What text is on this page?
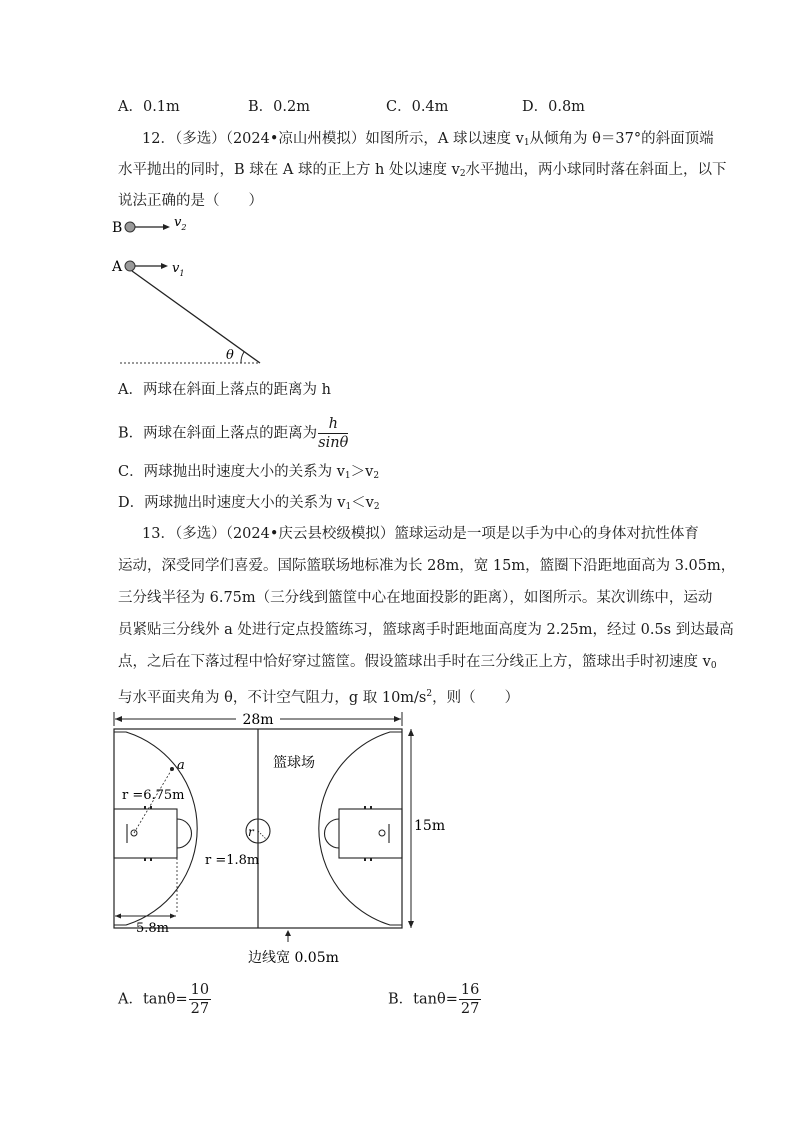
A．0.1m	B．0.2m	C．0.4m	D．0.8m
12．（多选）（2024•凉山州模拟）如图所示，A 球以速度 $v_1$从倾角为 θ＝37°的斜面顶端
水平抛出的同时，B 球在 A 球的正上方 h 处以速度 $v_2$水平抛出，两小球同时落在斜面上，以下
说法正确的是（　　）
B	$v_2$
A	$v_1$
θ
A．两球在斜面上落点的距离为 h
B．两球在斜面上落点的距离为 $\frac{h}{\sin\theta}$
C．两球抛出时速度大小的关系为 $v_1>v_2$
D．两球抛出时速度大小的关系为 $v_1<v_2$
13．（多选）（2024•庆云县校级模拟）篮球运动是一项是以手为中心的身体对抗性体育
运动，深受同学们喜爱。国际篮联场地标准为长 28m，宽 15m，篮圈下沿距地面高为 3.05m，
三分线半径为 6.75m（三分线到篮筐中心在地面投影的距离），如图所示。某次训练中，运动
员紧贴三分线外 a 处进行定点投篮练习，篮球离手时距地面高度为 2.25m，经过 0.5s 到达最高
点，之后在下落过程中恰好穿过篮筐。假设篮球出手时在三分线正上方，篮球出手时初速度 $v_0$
与水平面夹角为 θ，不计空气阻力，g 取 $10m/s^2$，则（　　）
28m
r
r =1.8m
篮球场
a
r =6.75m
5.8m
15m
边线宽 0.05m
A．$\tan\theta= \frac{10}{27}$	B．$\tan\theta= \frac{16}{27}$
